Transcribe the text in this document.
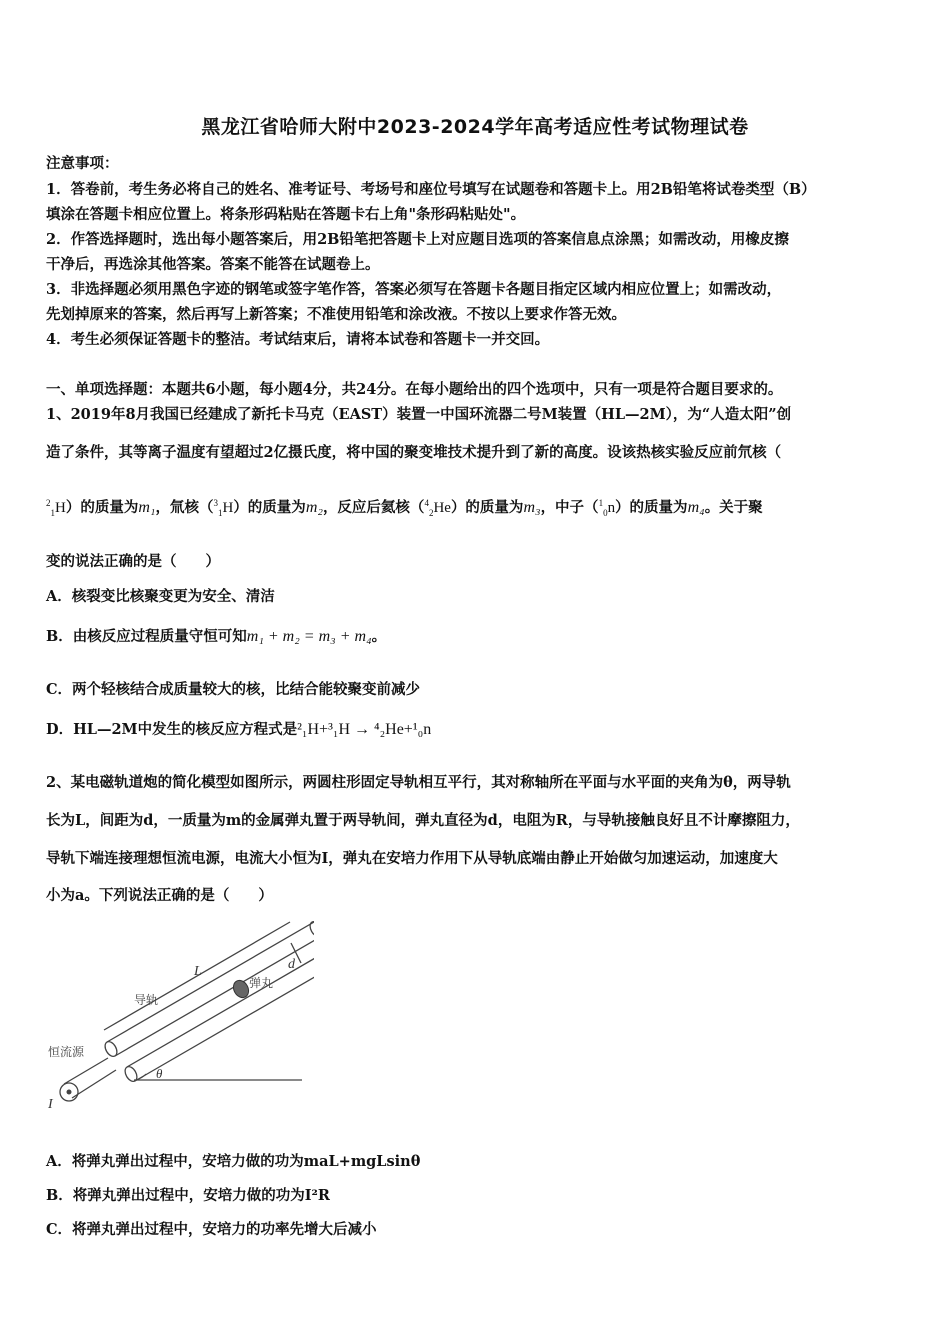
黑龙江省哈师大附中2023-2024学年高考适应性考试物理试卷
注意事项：
1．答卷前，考生务必将自己的姓名、准考证号、考场号和座位号填写在试题卷和答题卡上。用2B铅笔将试卷类型（B）
填涂在答题卡相应位置上。将条形码粘贴在答题卡右上角"条形码粘贴处"。
2．作答选择题时，选出每小题答案后，用2B铅笔把答题卡上对应题目选项的答案信息点涂黑；如需改动，用橡皮擦
干净后，再选涂其他答案。答案不能答在试题卷上。
3．非选择题必须用黑色字迹的钢笔或签字笔作答，答案必须写在答题卡各题目指定区域内相应位置上；如需改动，
先划掉原来的答案，然后再写上新答案；不准使用铅笔和涂改液。不按以上要求作答无效。
4．考生必须保证答题卡的整洁。考试结束后，请将本试卷和答题卡一并交回。
一、单项选择题：本题共6小题，每小题4分，共24分。在每小题给出的四个选项中，只有一项是符合题目要求的。
1、2019年8月我国已经建成了新托卡马克（EAST）装置一中国环流器二号M装置（HL—2M），为“人造太阳”创
造了条件，其等离子温度有望超过2亿摄氏度，将中国的聚变堆技术提升到了新的高度。设该热核实验反应前氘核（
$^2_1$H）的质量为m₁，氚核（$^3_1$H）的质量为m₂，反应后氦核（$^4_2$He）的质量为m₃，中子（$^1_0$n）的质量为m₄。关于聚
变的说法正确的是（　　）
A．核裂变比核聚变更为安全、清洁
B．由核反应过程质量守恒可知m₁ + m₂ = m₃ + m₄。
C．两个轻核结合成质量较大的核，比结合能较聚变前减少
D．HL—2M中发生的核反应方程式是²₁H+³₁H → ⁴₂He+¹₀n
2、某电磁轨道炮的简化模型如图所示，两圆柱形固定导轨相互平行，其对称轴所在平面与水平面的夹角为θ，两导轨
长为L，间距为d，一质量为m的金属弹丸置于两导轨间，弹丸直径为d，电阻为R，与导轨接触良好且不计摩擦阻力，
导轨下端连接理想恒流电源，电流大小恒为I，弹丸在安培力作用下从导轨底端由静止开始做匀加速运动，加速度大
小为a。下列说法正确的是（　　）
L	d
导轨
弹丸
恒流源
I
θ
A．将弹丸弹出过程中，安培力做的功为maL+mgLsinθ
B．将弹丸弹出过程中，安培力做的功为I²R
C．将弹丸弹出过程中，安培力的功率先增大后减小
